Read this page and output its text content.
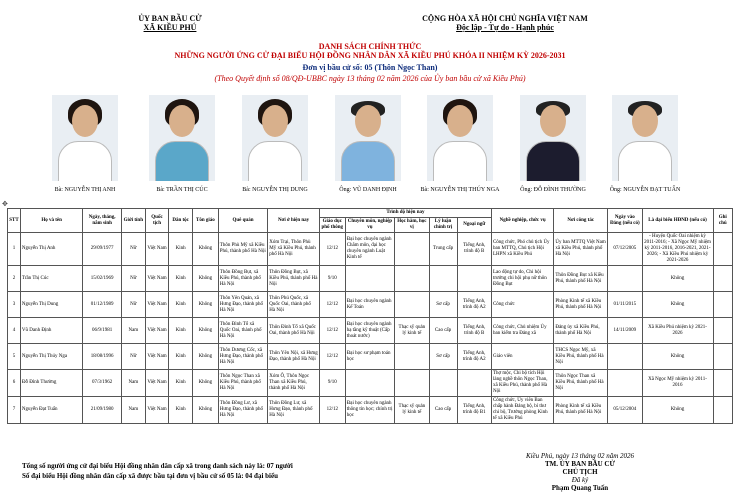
ỦY BAN BẦU CỬ
XÃ KIỀU PHÚ
CỘNG HÒA XÃ HỘI CHỦ NGHĨA VIỆT NAM
Độc lập - Tự do - Hạnh phúc
DANH SÁCH CHÍNH THỨC
NHỮNG NGƯỜI ỨNG CỬ ĐẠI BIỂU HỘI ĐỒNG NHÂN DÂN XÃ KIỀU PHÚ KHÓA II NHIỆM KỲ 2026-2031
Đơn vị bầu cử số: 05 (Thôn Ngọc Than)
(Theo Quyết định số 08/QĐ-UBBC ngày 13 tháng 02 năm 2026 của Ủy ban bầu cử xã Kiều Phú)
Bà: NGUYỄN THỊ ANH	Bà: TRẦN THỊ CÚC	Bà: NGUYỄN THỊ DUNG	Ông: VŨ DANH ĐỊNH	Bà: NGUYỄN THỊ THÚY NGA	Ông: ĐỖ ĐÌNH THƯỜNG	Ông: NGUYỄN ĐẠT TUẤN
✥
STT	Họ và tên	Ngày, tháng, năm sinh	Giới tính	Quốc tịch	Dân tộc	Tôn giáo	Quê quán	Nơi ở hiện nay	Trình độ hiện nay					Nghề nghiệp, chức vụ	Nơi công tác	Ngày vào Đảng (nếu có)	Là đại biểu HĐND (nếu có)	Ghi chú
									Giáo dục phổ thông	Chuyên môn, nghiệp vụ	Học hàm, học vị	Lý luận chính trị	Ngoại ngữ					
1	Nguyễn Thị Anh	29/09/1977	Nữ	Việt Nam	Kinh	Không	Thôn Phù Mỹ xã Kiều Phú, thành phố Hà Nội	Xóm Trại, Thôn Phù Mỹ xã Kiều Phú, thành phố Hà Nội	12/12	Đại học chuyên ngành Chăm môn, đại học chuyên ngành Luật Kinh tế		Trung cấp	Tiếng Anh, trình độ B	Công chức, Phó chủ tịch Ủy ban MTTQ, Chủ tịch Hội LHPN xã Kiều Phú	Ủy ban MTTQ Việt Nam xã Kiều Phú, thành phố Hà Nội	07/12/2005	- Huyện Quốc Oai nhiệm kỳ 2011-2016; - Xã Ngọc Mỹ nhiệm kỳ 2011-2016, 2016-2021, 2021-2026; - Xã Kiều Phú nhiệm kỳ 2021-2026	
2	Trần Thị Cúc	15/02/1969	Nữ	Việt Nam	Kinh	Không	Thôn Đồng Bụt, xã Kiều Phú, thành phố Hà Nội	Thôn Đồng Bụt, xã Kiều Phú, thành phố Hà Nội	9/10					Lao động tự do, Chi hội trưởng chi hội phụ nữ thôn Đồng Bụt	Thôn Đồng Bụt xã Kiều Phú, thành phố Hà Nội		Không	
3	Nguyễn Thị Dung	01/12/1989	Nữ	Việt Nam	Kinh	Không	Thôn Yên Quán, xã Hưng Đạo, thành phố Hà Nội	Thôn Phú Quốc, xã Quốc Oai, thành phố Hà Nội	12/12	Đại học chuyên ngành Kế Toán		Sơ cấp	Tiếng Anh, trình độ A2	Công chức	Phòng Kinh tế xã Kiều Phú, thành phố Hà Nội	01/11/2015	Không	
4	Vũ Danh Định	06/9/1981	Nam	Việt Nam	Kinh	Không	Thôn Đình Tổ xã Quốc Oai, thành phố Hà Nội	Thôn Đình Tổ xã Quốc Oai, thành phố Hà Nội	12/12	Đại học chuyên ngành hạ tầng kỹ thuật (Cấp thoát nước)	Thạc sỹ quản lý kinh tế	Cao cấp	Tiếng Anh, trình độ B	Công chức, Chủ nhiệm Ủy ban kiểm tra Đảng xã	Đảng ủy xã Kiều Phú, thành phố Hà Nội	14/11/2009	Xã Kiều Phú nhiệm kỳ 2021-2026	
5	Nguyễn Thị Thúy Nga	18/08/1996	Nữ	Việt Nam	Kinh	Không	Thôn Dương Cốc, xã Hưng Đạo, thành phố Hà Nội	Thôn Yên Nội, xã Hưng Đạo, thành phố Hà Nội	12/12	Đại học sư phạm toán học		Sơ cấp	Tiếng Anh, trình độ A2	Giáo viên	THCS Ngọc Mỹ, xã Kiều Phú, thành phố Hà Nội		Không	
6	Đỗ Đình Thường	07/3/1962	Nam	Việt Nam	Kinh	Không	Thôn Ngọc Than xã Kiều Phú, thành phố Hà Nội	Xóm Ô, Thôn Ngọc Than xã Kiều Phú, thành phố Hà Nội	9/10					Thợ mộc, Chi bộ tích Hội làng nghề thôn Ngọc Than, xã Kiều Phú, thành phố Hà Nội	Thôn Ngọc Than xã Kiều Phú, thành phố Hà Nội		Xã Ngọc Mỹ nhiệm kỳ 2011-2016	
7	Nguyễn Đạt Tuấn	21/09/1980	Nam	Việt Nam	Kinh	Không	Thôn Đồng Lư, xã Hưng Đạo, thành phố Hà Nội	Thôn Đồng Lư, xã Hưng Đạo, thành phố Hà Nội	12/12	Đại học chuyên ngành thông tin học; chính trị học	Thạc sỹ quản lý kinh tế	Cao cấp	Tiếng Anh, trình độ B1	Công chức, Ủy viên Ban chấp hành Đảng bộ, bí thư chi bộ, Trưởng phòng Kinh tế xã Kiều Phú	Phòng Kinh tế xã Kiều Phú, thành phố Hà Nội	05/12/2004	Không	
Tổng số người ứng cử đại biểu Hội đồng nhân dân cấp xã trong danh sách này là: 07 người
Số đại biểu Hội đồng nhân dân cấp xã được bầu tại đơn vị bầu cử số 05 là: 04 đại biểu
Kiều Phú, ngày 13 tháng 02 năm 2026
TM. ỦY BAN BẦU CỬ
CHỦ TỊCH
Đã ký
Phạm Quang Tuấn
